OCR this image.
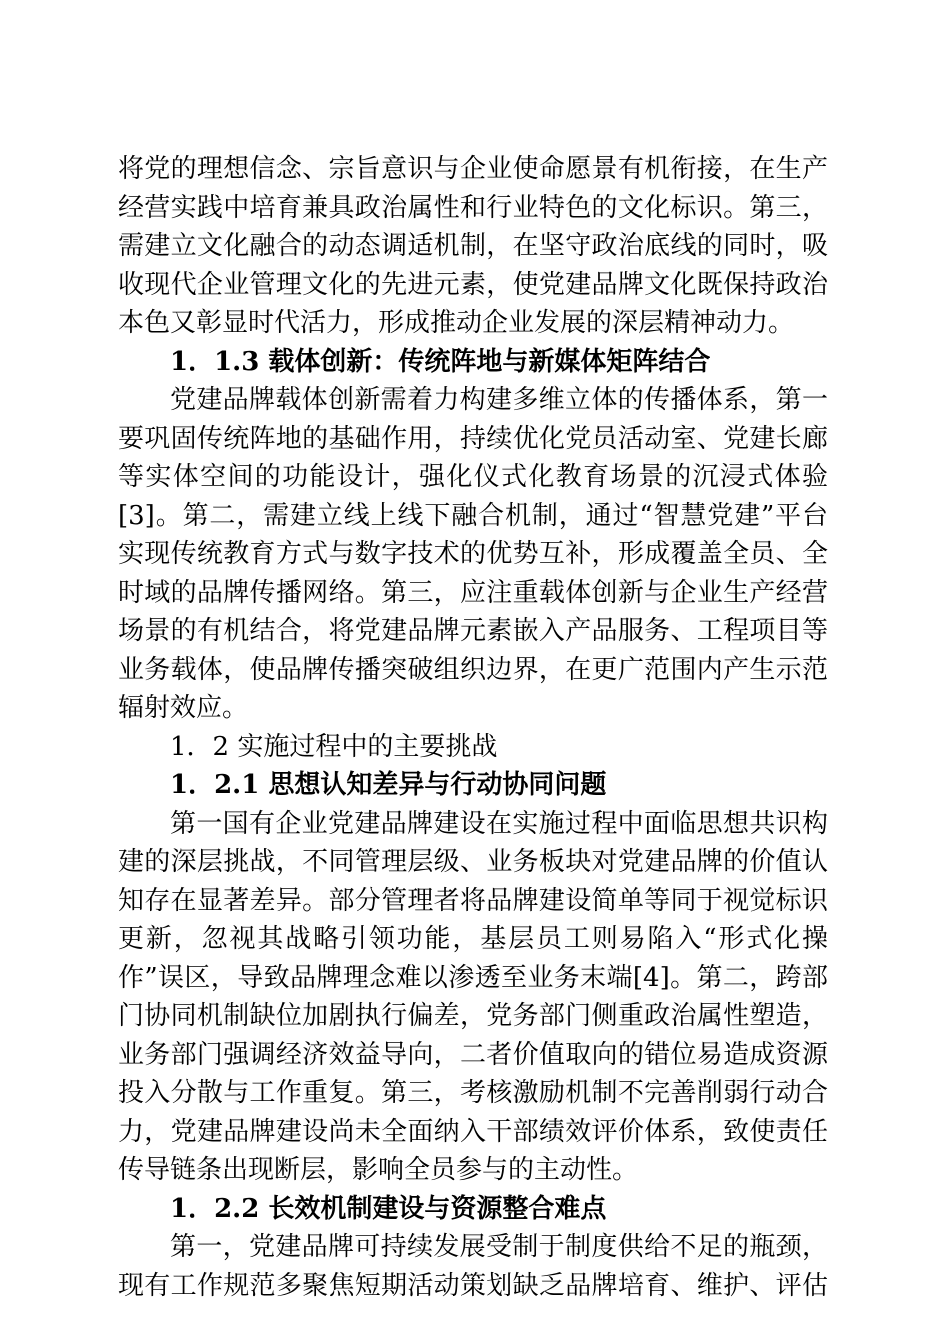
将党的理想信念、宗旨意识与企业使命愿景有机衔接，在生产
经营实践中培育兼具政治属性和行业特色的文化标识。第三，
需建立文化融合的动态调适机制，在坚守政治底线的同时，吸
收现代企业管理文化的先进元素，使党建品牌文化既保持政治
本色又彰显时代活力，形成推动企业发展的深层精神动力。
1．1.3 载体创新：传统阵地与新媒体矩阵结合
党建品牌载体创新需着力构建多维立体的传播体系，第一
要巩固传统阵地的基础作用，持续优化党员活动室、党建长廊
等实体空间的功能设计，强化仪式化教育场景的沉浸式体验
[3]。第二，需建立线上线下融合机制，通过“智慧党建”平台
实现传统教育方式与数字技术的优势互补，形成覆盖全员、全
时域的品牌传播网络。第三，应注重载体创新与企业生产经营
场景的有机结合，将党建品牌元素嵌入产品服务、工程项目等
业务载体，使品牌传播突破组织边界，在更广范围内产生示范
辐射效应。
1．2 实施过程中的主要挑战
1．2.1 思想认知差异与行动协同问题
第一国有企业党建品牌建设在实施过程中面临思想共识构
建的深层挑战，不同管理层级、业务板块对党建品牌的价值认
知存在显著差异。部分管理者将品牌建设简单等同于视觉标识
更新，忽视其战略引领功能，基层员工则易陷入“形式化操
作”误区，导致品牌理念难以渗透至业务末端[4]。第二，跨部
门协同机制缺位加剧执行偏差，党务部门侧重政治属性塑造，
业务部门强调经济效益导向，二者价值取向的错位易造成资源
投入分散与工作重复。第三，考核激励机制不完善削弱行动合
力，党建品牌建设尚未全面纳入干部绩效评价体系，致使责任
传导链条出现断层，影响全员参与的主动性。
1．2.2 长效机制建设与资源整合难点
第一，党建品牌可持续发展受制于制度供给不足的瓶颈，
现有工作规范多聚焦短期活动策划缺乏品牌培育、维护、评估
